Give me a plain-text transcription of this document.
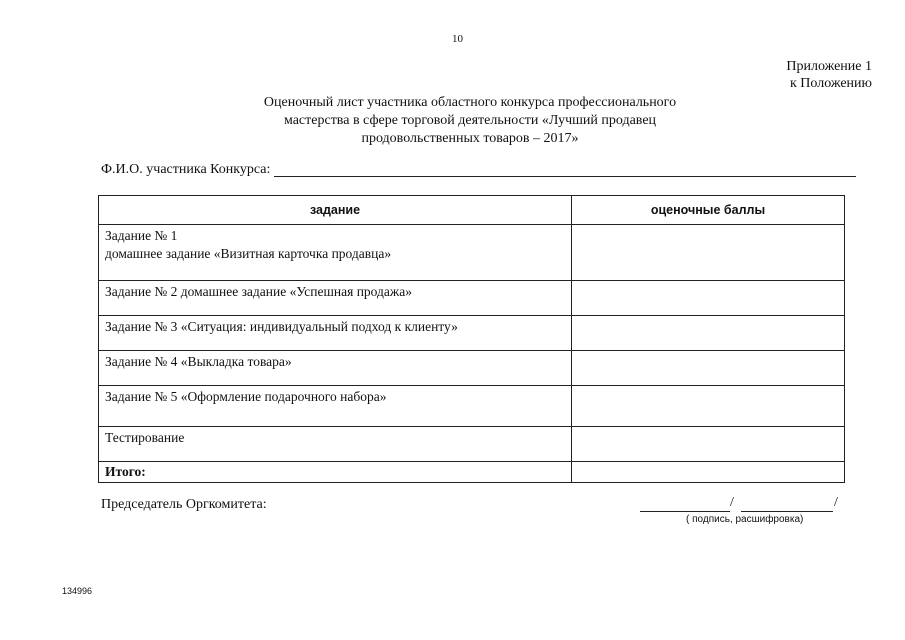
10
Приложение 1
к Положению
Оценочный лист участника областного конкурса профессионального
мастерства в сфере торговой деятельности «Лучший продавец
продовольственных товаров – 2017»
Ф.И.О. участника Конкурса:
задание	оценочные баллы

Задание № 1
домашнее задание «Визитная карточка продавца»	

Задание № 2 домашнее задание «Успешная продажа»	

Задание № 3 «Ситуация: индивидуальный подход к клиенту»	

Задание № 4 «Выкладка товара»	

Задание № 5 «Оформление подарочного набора»	

Тестирование	

Итого:	
Председатель Оргкомитета:	/	/
( подпись, расшифровка)
134996
